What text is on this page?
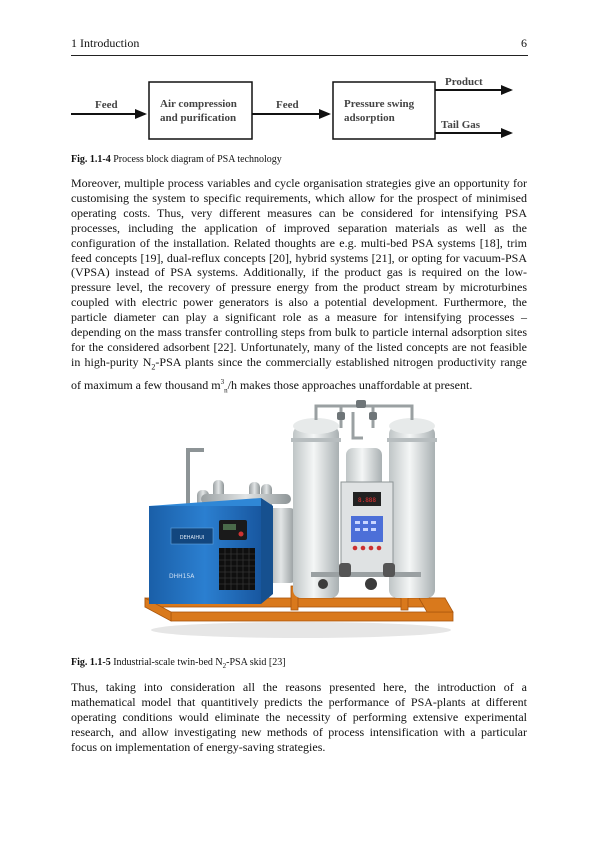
1 Introduction	6
Feed	Air compression
and purification
Feed	Pressure swing
adsorption
Product
Tail Gas
Fig. 1.1-4 Process block diagram of PSA technology

Moreover, multiple process variables and cycle organisation strategies give an opportunity for customising the system to specific requirements, which allow for the prospect of minimised operating costs. Thus, very different measures can be considered for intensifying PSA processes, including the application of improved separation materials as well as the configuration of the installation. Related thoughts are e.g. multi-bed PSA systems [18], trim feed concepts [19], dual-reflux concepts [20], hybrid systems [21], or opting for vacuum-PSA (VPSA) instead of PSA systems. Additionally, if the product gas is required on the low-pressure level, the recovery of pressure energy from the product stream by microturbines coupled with electric power generators is also a potential development. Furthermore, the particle diameter can play a significant role as a measure for intensifying processes – depending on the mass transfer controlling steps from bulk to particle internal adsorption sites for the considered adsorbent [22]. Unfortunately, many of the listed concepts are not feasible in high-purity $N_2$-PSA plants since the commercially established nitrogen productivity range of maximum a few thousand $m^3_n/h$ makes those approaches unaffordable at present.

DEHAIHUI
DHH15A
8.888
Fig. 1.1-5 Industrial-scale twin-bed $N_2$-PSA skid [23]

Thus, taking into consideration all the reasons presented here, the introduction of a mathematical model that quantitively predicts the performance of PSA-plants at different operating conditions would eliminate the necessity of performing extensive experimental research, and allow investigating new methods of process intensification with a particular focus on implementation of energy-saving strategies.
